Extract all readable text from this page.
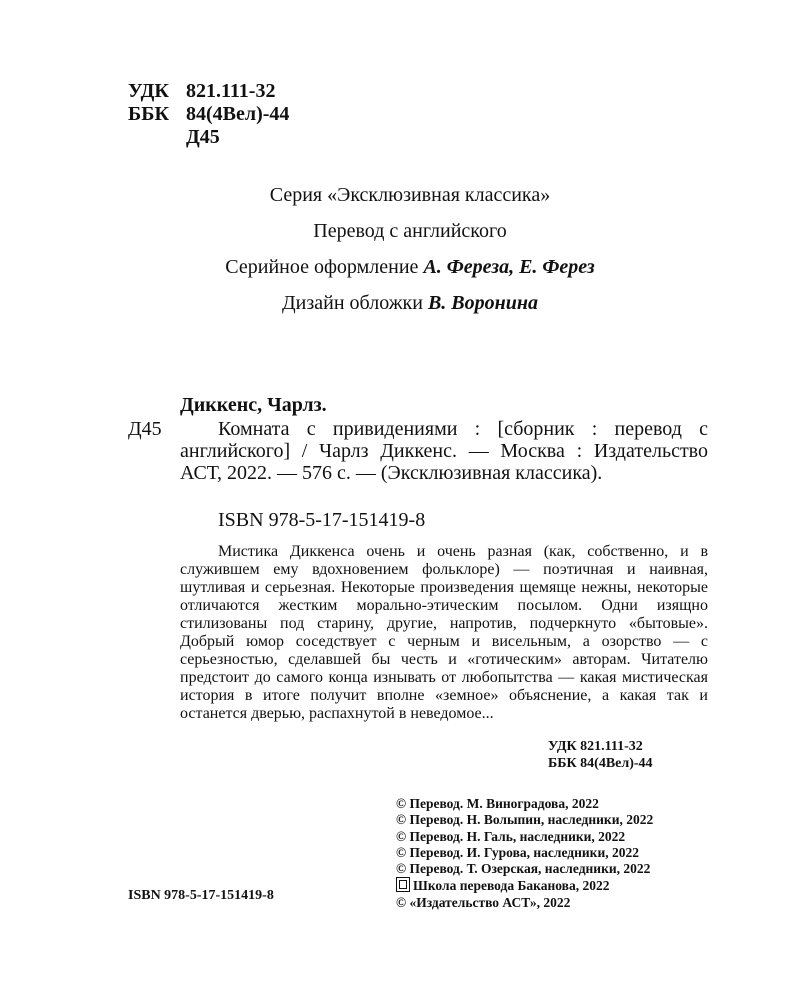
УДК 821.111-32
ББК 84(4Вел)-44
Д45

Серия «Эксклюзивная классика»

Перевод с английского

Серийное оформление А. Фереза, Е. Ферез

Дизайн обложки В. Воронина

Диккенс, Чарлз.
Д45	Комната с привидениями : [сборник : перевод с английского] / Чарлз Диккенс. — Москва : Издательство АСТ, 2022. — 576 с. — (Эксклюзивная классика).
ISBN 978-5-17-151419-8
Мистика Диккенса очень и очень разная (как, собственно, и в служившем ему вдохновением фольклоре) — поэтичная и наивная, шутливая и серьезная. Некоторые произведения щемяще нежны, некоторые отличаются жестким морально-этическим посылом. Одни изящно стилизованы под старину, другие, напротив, подчеркнуто «бытовые». Добрый юмор соседствует с черным и висельным, а озорство — с серьезностью, сделавшей бы честь и «готическим» авторам. Читателю предстоит до самого конца изнывать от любопытства — какая мистическая история в итоге получит вполне «земное» объяснение, а какая так и останется дверью, распахнутой в неведомое...
УДК 821.111-32
ББК 84(4Вел)-44
© Перевод. М. Виноградова, 2022
© Перевод. Н. Волыпин, наследники, 2022
© Перевод. Н. Галь, наследники, 2022
© Перевод. И. Гурова, наследники, 2022
© Перевод. Т. Озерская, наследники, 2022
Школа перевода Баканова, 2022
© «Издательство АСТ», 2022
ISBN 978-5-17-151419-8
